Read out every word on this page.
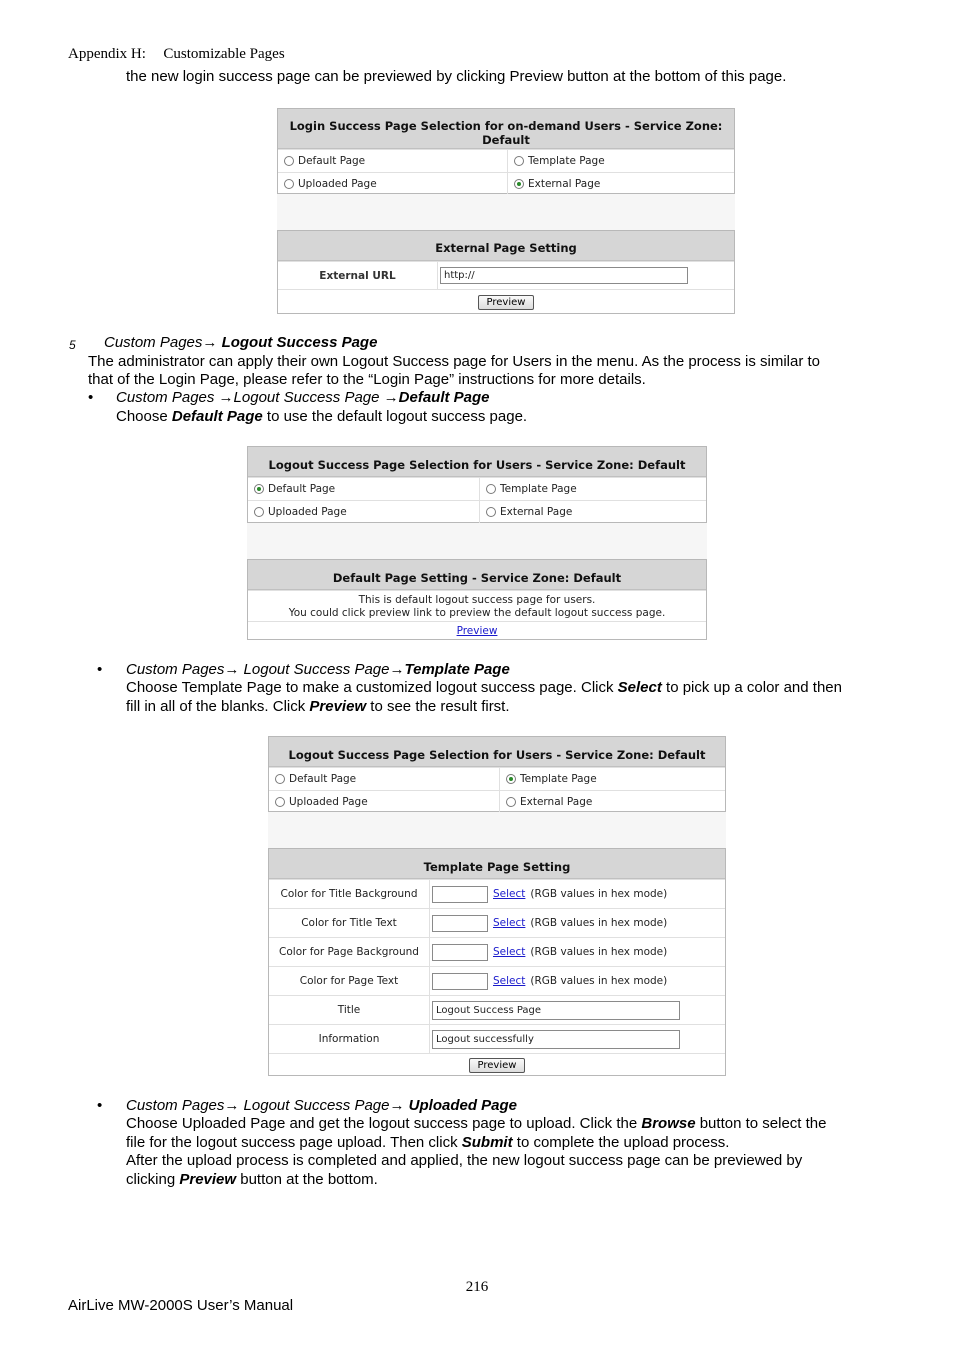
Appendix H: Customizable Pages
the new login success page can be previewed by clicking Preview button at the bottom of this page.
Login Success Page Selection for on-demand Users - Service Zone:
Default
Default Page	Template Page
Uploaded Page	External Page
External Page Setting
External URL	http://
Preview
5 Custom Pages→ Logout Success Page
The administrator can apply their own Logout Success page for Users in the menu. As the process is similar to
that of the Login Page, please refer to the “Login Page” instructions for more details.
• Custom Pages →Logout Success Page →Default Page
Choose Default Page to use the default logout success page.
Logout Success Page Selection for Users - Service Zone: Default
Default Page	Template Page
Uploaded Page	External Page
Default Page Setting - Service Zone: Default
This is default logout success page for users.
You could click preview link to preview the default logout success page.
Preview
• Custom Pages→ Logout Success Page→Template Page
Choose Template Page to make a customized logout success page. Click Select to pick up a color and then
fill in all of the blanks. Click Preview to see the result first.
Logout Success Page Selection for Users - Service Zone: Default
Default Page	Template Page
Uploaded Page	External Page
Template Page Setting
Color for Title Background	Select (RGB values in hex mode)
Color for Title Text	Select (RGB values in hex mode)
Color for Page Background	Select (RGB values in hex mode)
Color for Page Text	Select (RGB values in hex mode)
Title	Logout Success Page
Information	Logout successfully
Preview
• Custom Pages→ Logout Success Page→ Uploaded Page
Choose Uploaded Page and get the logout success page to upload. Click the Browse button to select the
file for the logout success page upload. Then click Submit to complete the upload process.
After the upload process is completed and applied, the new logout success page can be previewed by
clicking Preview button at the bottom.
216
AirLive MW-2000S User’s Manual
